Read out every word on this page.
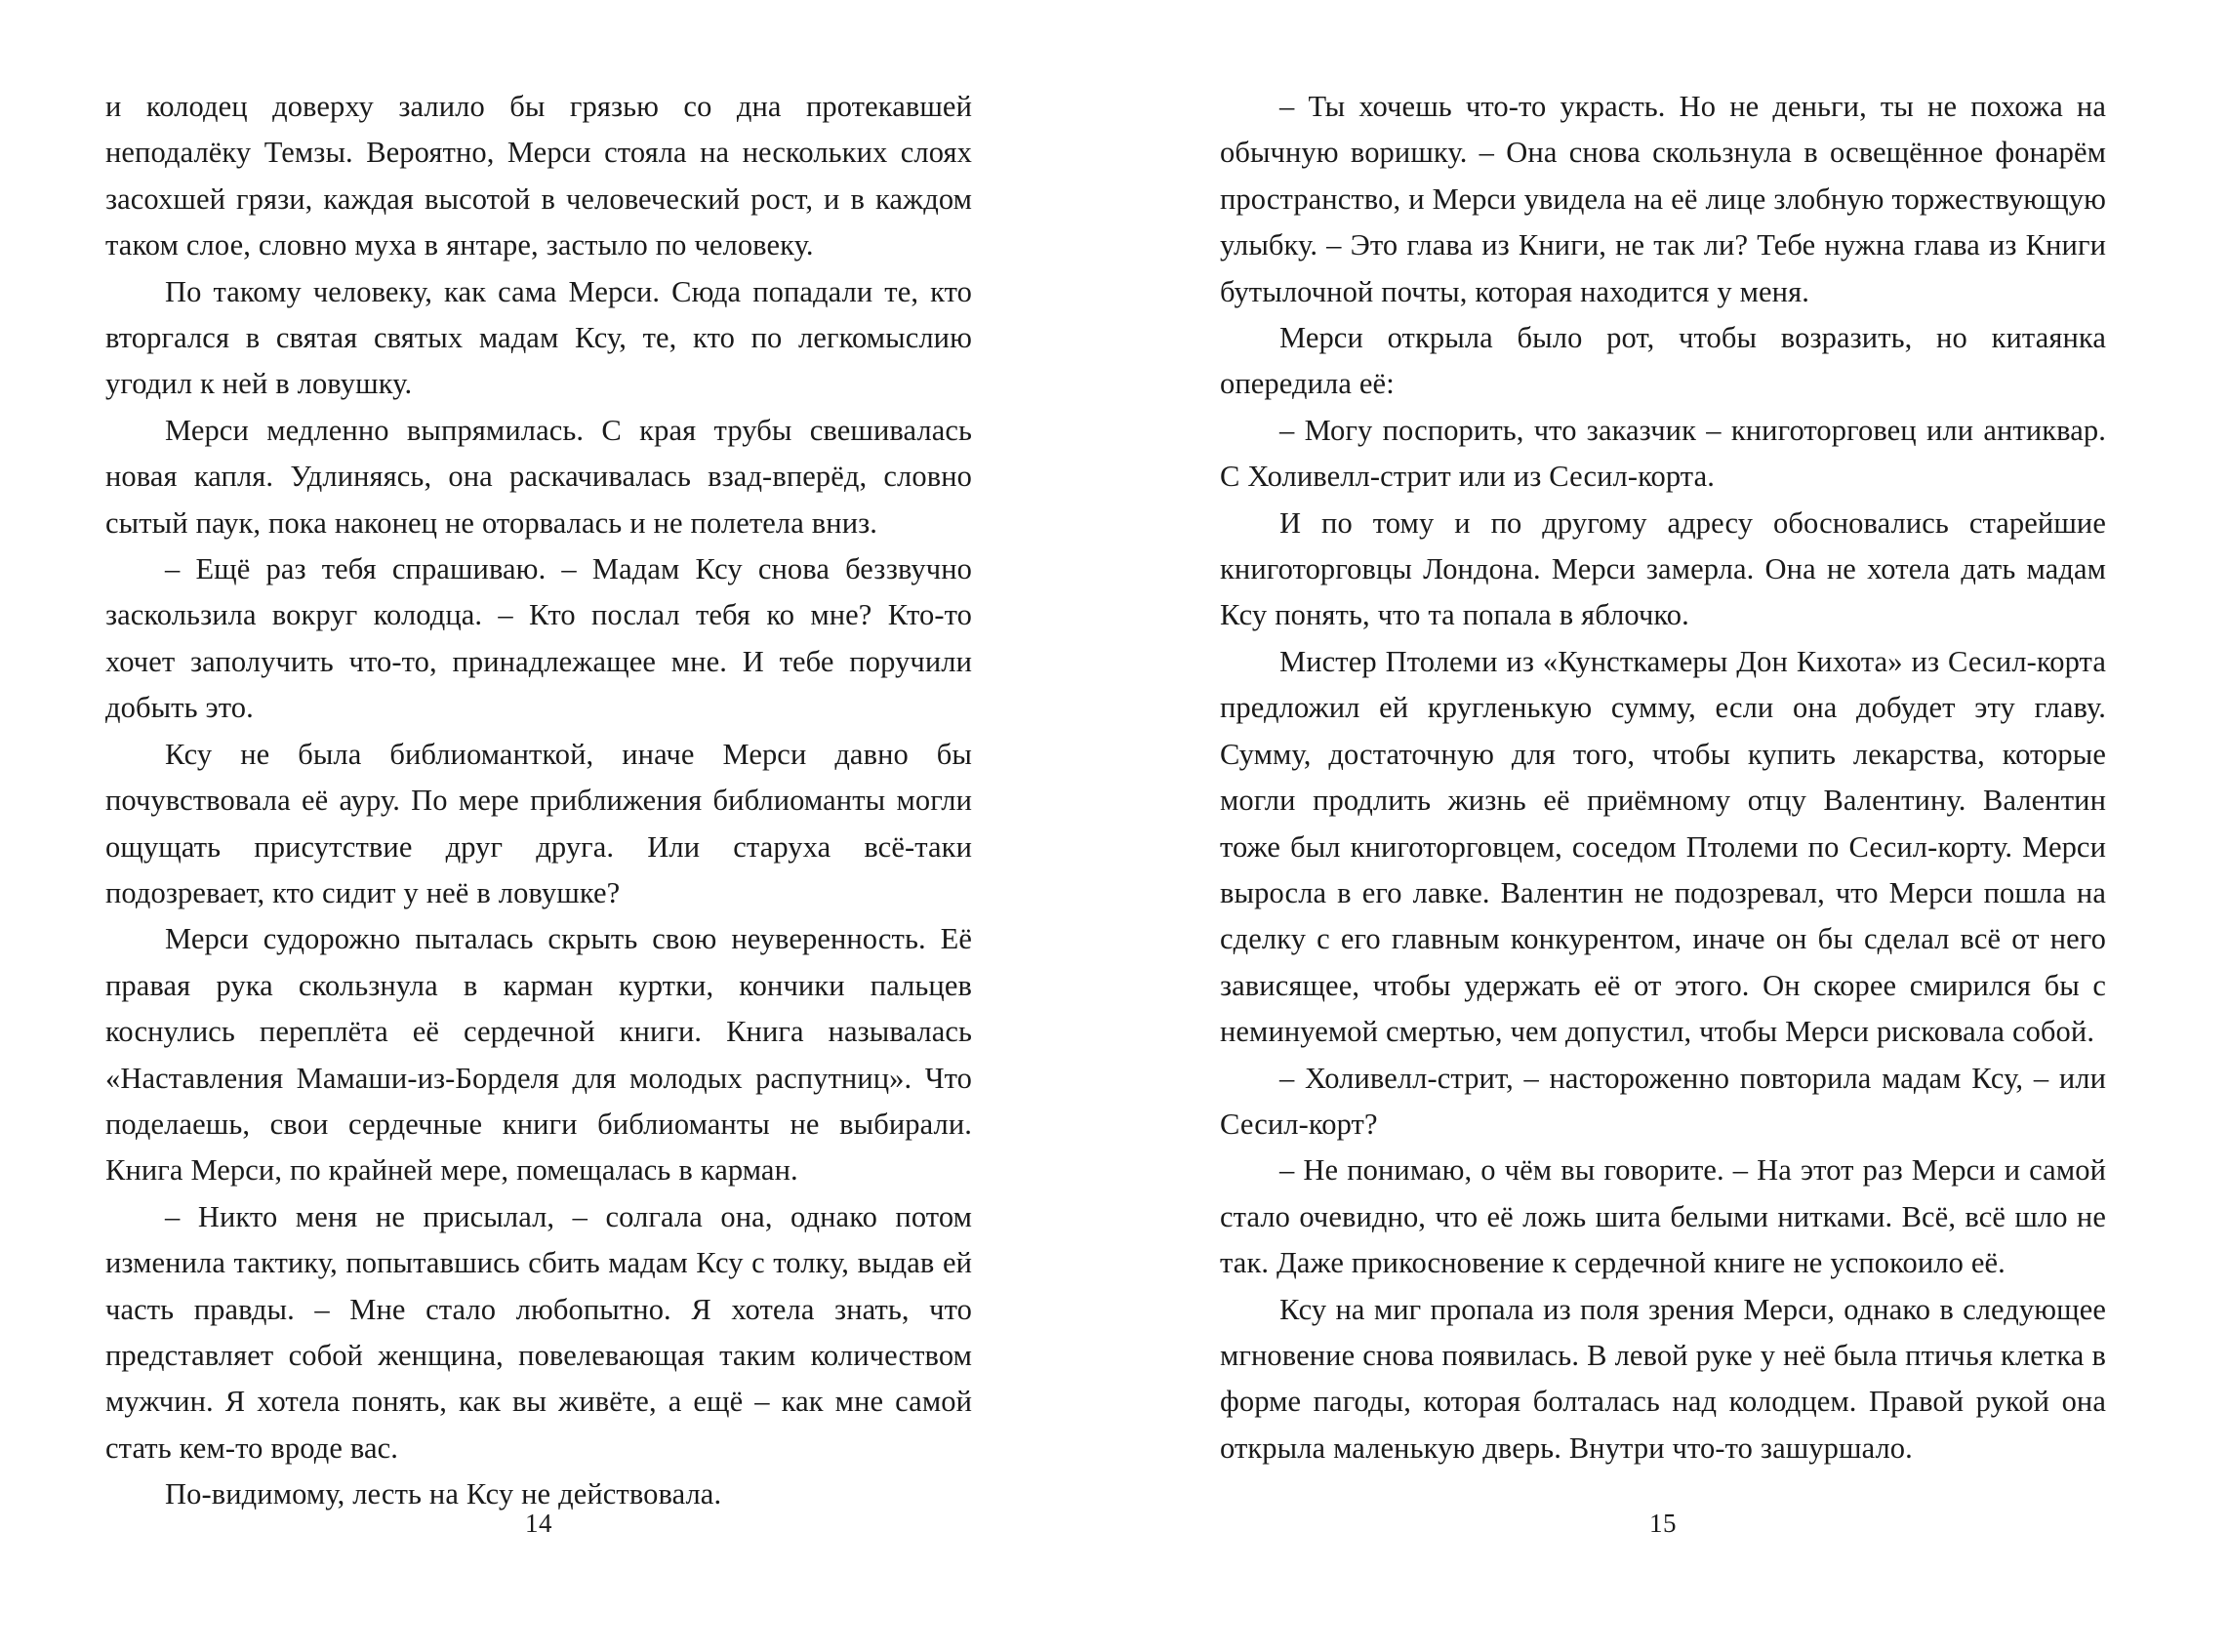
и колодец доверху залило бы грязью со дна протекавшей неподалёку Темзы. Вероятно, Мерси стояла на нескольких слоях засохшей грязи, каждая высотой в человеческий рост, и в каждом таком слое, словно муха в янтаре, застыло по человеку.

По такому человеку, как сама Мерси. Сюда попадали те, кто вторгался в святая святых мадам Ксу, те, кто по легкомыслию угодил к ней в ловушку.

Мерси медленно выпрямилась. С края трубы свешивалась новая капля. Удлиняясь, она раскачивалась взад-вперёд, словно сытый паук, пока наконец не оторвалась и не полетела вниз.

– Ещё раз тебя спрашиваю. – Мадам Ксу снова беззвучно заскользила вокруг колодца. – Кто послал тебя ко мне? Кто-то хочет заполучить что-то, принадлежащее мне. И тебе поручили добыть это.

Ксу не была библиоманткой, иначе Мерси давно бы почувствовала её ауру. По мере приближения библиоманты могли ощущать присутствие друг друга. Или старуха всё-таки подозревает, кто сидит у неё в ловушке?

Мерси судорожно пыталась скрыть свою неуверенность. Её правая рука скользнула в карман куртки, кончики пальцев коснулись переплёта её сердечной книги. Книга называлась «Наставления Мамаши-из-Борделя для молодых распутниц». Что поделаешь, свои сердечные книги библиоманты не выбирали. Книга Мерси, по крайней мере, помещалась в карман.

– Никто меня не присылал, – солгала она, однако потом изменила тактику, попытавшись сбить мадам Ксу с толку, выдав ей часть правды. – Мне стало любопытно. Я хотела знать, что представляет собой женщина, повелевающая таким количеством мужчин. Я хотела понять, как вы живёте, а ещё – как мне самой стать кем-то вроде вас.

По-видимому, лесть на Ксу не действовала.

14

– Ты хочешь что-то украсть. Но не деньги, ты не похожа на обычную воришку. – Она снова скользнула в освещённое фонарём пространство, и Мерси увидела на её лице злобную торжествующую улыбку. – Это глава из Книги, не так ли? Тебе нужна глава из Книги бутылочной почты, которая находится у меня.

Мерси открыла было рот, чтобы возразить, но китаянка опередила её:

– Могу поспорить, что заказчик – книготорговец или антиквар. С Холивелл-стрит или из Сесил-корта.

И по тому и по другому адресу обосновались старейшие книготорговцы Лондона. Мерси замерла. Она не хотела дать мадам Ксу понять, что та попала в яблочко.

Мистер Птолеми из «Кунсткамеры Дон Кихота» из Сесил-корта предложил ей кругленькую сумму, если она добудет эту главу. Сумму, достаточную для того, чтобы купить лекарства, которые могли продлить жизнь её приёмному отцу Валентину. Валентин тоже был книготорговцем, соседом Птолеми по Сесил-корту. Мерси выросла в его лавке. Валентин не подозревал, что Мерси пошла на сделку с его главным конкурентом, иначе он бы сделал всё от него зависящее, чтобы удержать её от этого. Он скорее смирился бы с неминуемой смертью, чем допустил, чтобы Мерси рисковала собой.

– Холивелл-стрит, – настороженно повторила мадам Ксу, – или Сесил-корт?

– Не понимаю, о чём вы говорите. – На этот раз Мерси и самой стало очевидно, что её ложь шита белыми нитками. Всё, всё шло не так. Даже прикосновение к сердечной книге не успокоило её.

Ксу на миг пропала из поля зрения Мерси, однако в следующее мгновение снова появилась. В левой руке у неё была птичья клетка в форме пагоды, которая болталась над колодцем. Правой рукой она открыла маленькую дверь. Внутри что-то зашуршало.

15
